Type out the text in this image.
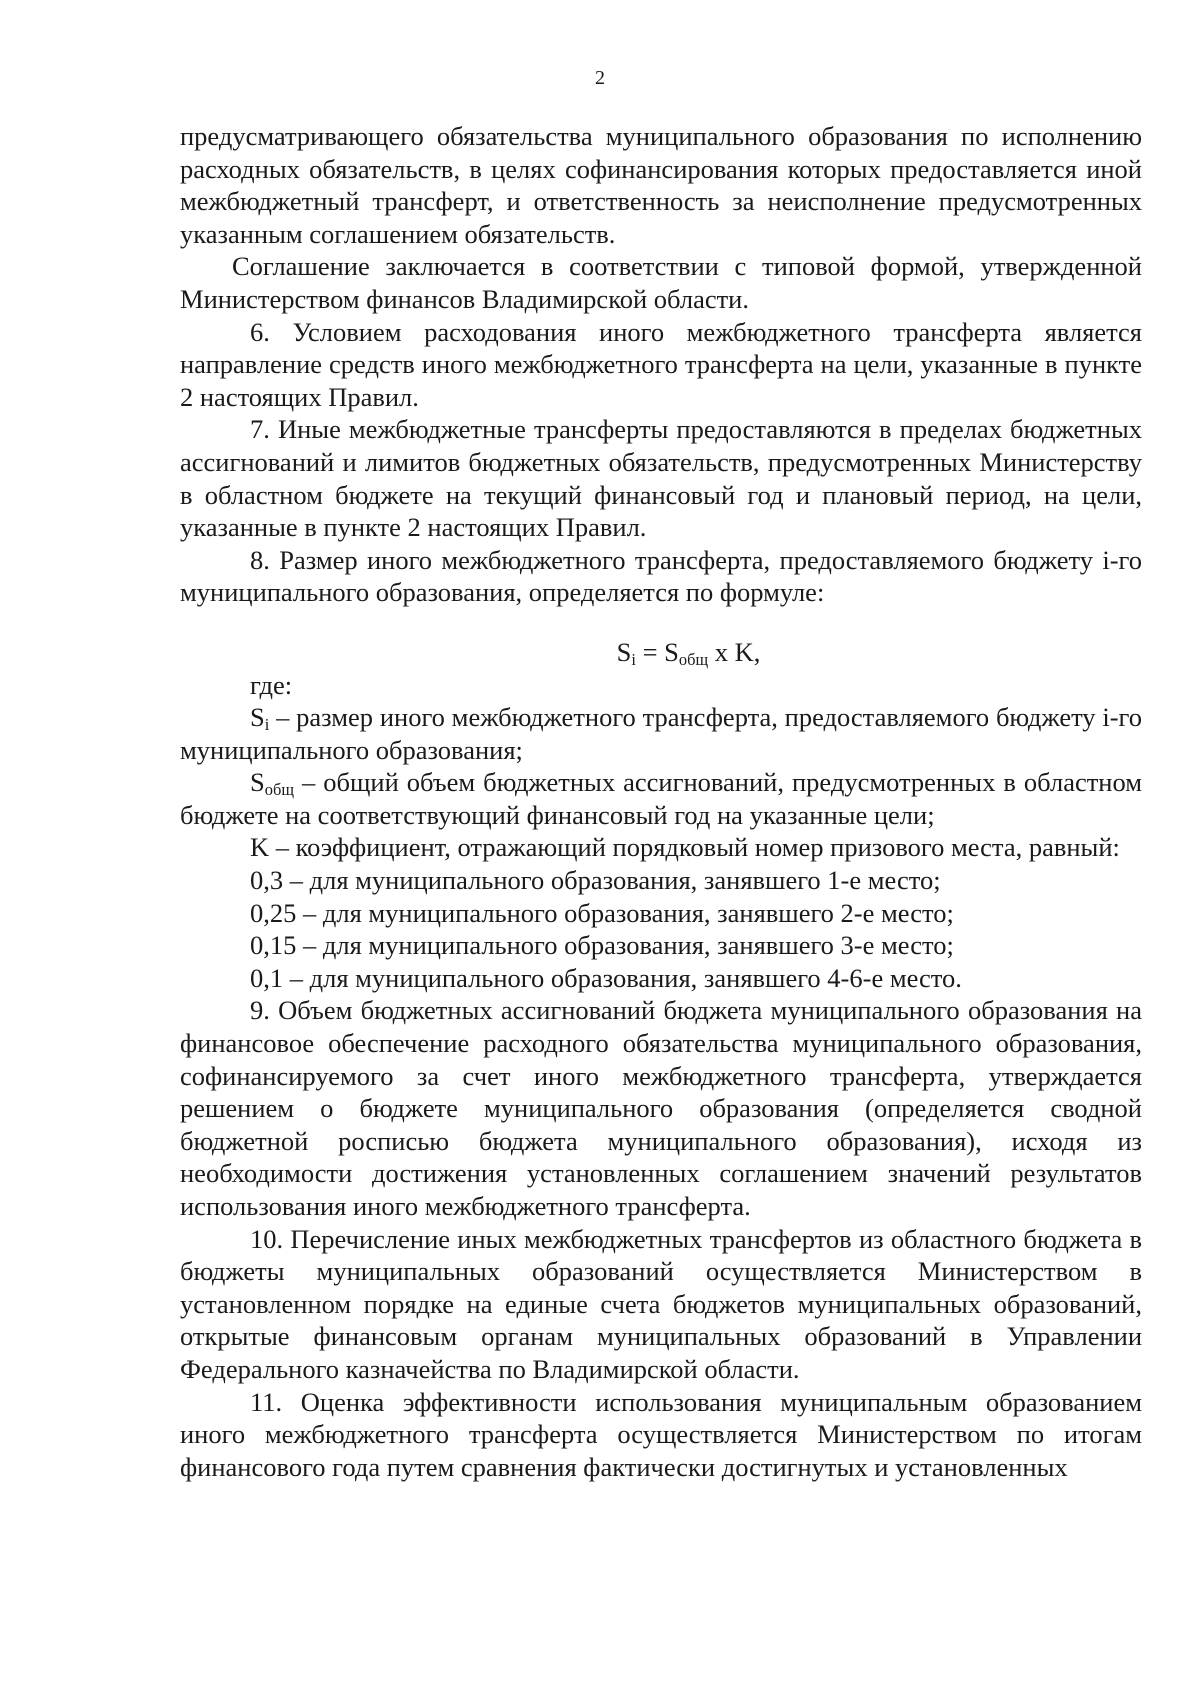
2

предусматривающего обязательства муниципального образования по исполнению расходных обязательств, в целях софинансирования которых предоставляется иной межбюджетный трансферт, и ответственность за неисполнение предусмотренных указанным соглашением обязательств.

Соглашение заключается в соответствии с типовой формой, утвержденной Министерством финансов Владимирской области.

6. Условием расходования иного межбюджетного трансферта является направление средств иного межбюджетного трансферта на цели, указанные в пункте 2 настоящих Правил.

7. Иные межбюджетные трансферты предоставляются в пределах бюджетных ассигнований и лимитов бюджетных обязательств, предусмотренных Министерству в областном бюджете на текущий финансовый год и плановый период, на цели, указанные в пункте 2 настоящих Правил.

8. Размер иного межбюджетного трансферта, предоставляемого бюджету i-го муниципального образования, определяется по формуле:

$S_i = S_{общ}$ x K,

где:

$S_i$ – размер иного межбюджетного трансферта, предоставляемого бюджету i-го муниципального образования;

$S_{общ}$ – общий объем бюджетных ассигнований, предусмотренных в областном бюджете на соответствующий финансовый год на указанные цели;

K – коэффициент, отражающий порядковый номер призового места, равный:

0,3 – для муниципального образования, занявшего 1-е место;

0,25 – для муниципального образования, занявшего 2-е место;

0,15 – для муниципального образования, занявшего 3-е место;

0,1 – для муниципального образования, занявшего 4-6-е место.

9. Объем бюджетных ассигнований бюджета муниципального образования на финансовое обеспечение расходного обязательства муниципального образования, софинансируемого за счет иного межбюджетного трансферта, утверждается решением о бюджете муниципального образования (определяется сводной бюджетной росписью бюджета муниципального образования), исходя из необходимости достижения установленных соглашением значений результатов использования иного межбюджетного трансферта.

10. Перечисление иных межбюджетных трансфертов из областного бюджета в бюджеты муниципальных образований осуществляется Министерством в установленном порядке на единые счета бюджетов муниципальных образований, открытые финансовым органам муниципальных образований в Управлении Федерального казначейства по Владимирской области.

11. Оценка эффективности использования муниципальным образованием иного межбюджетного трансферта осуществляется Министерством по итогам финансового года путем сравнения фактически достигнутых и установленных
